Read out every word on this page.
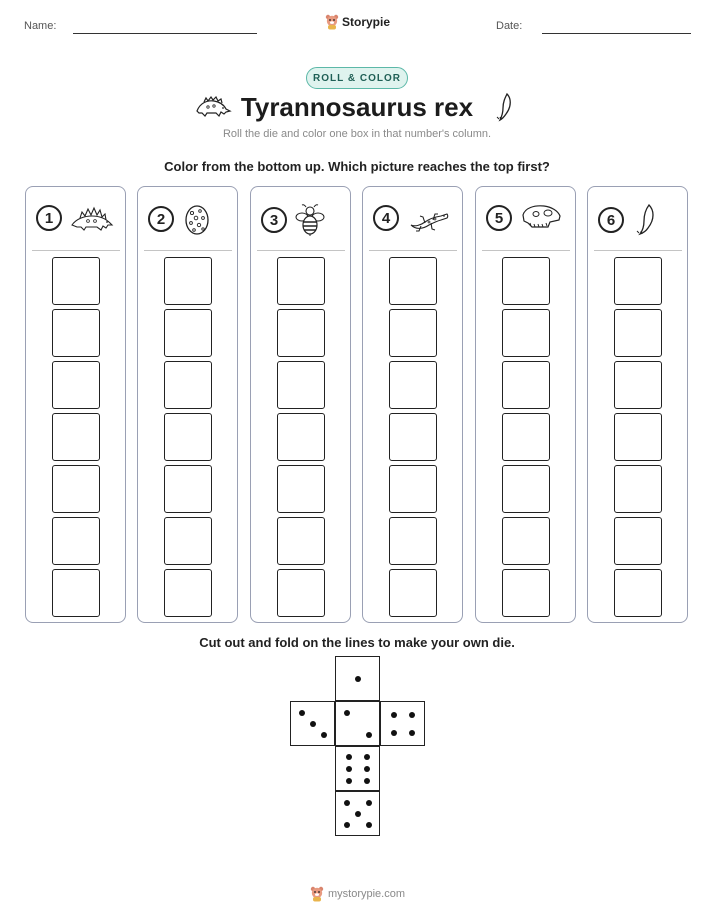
Name:	Storypie	Date:
ROLL & COLOR
Tyrannosaurus rex
Roll the die and color one box in that number's column.
Color from the bottom up. Which picture reaches the top first?
1	2	3	4	5	6
Cut out and fold on the lines to make your own die.
mystorypie.com
